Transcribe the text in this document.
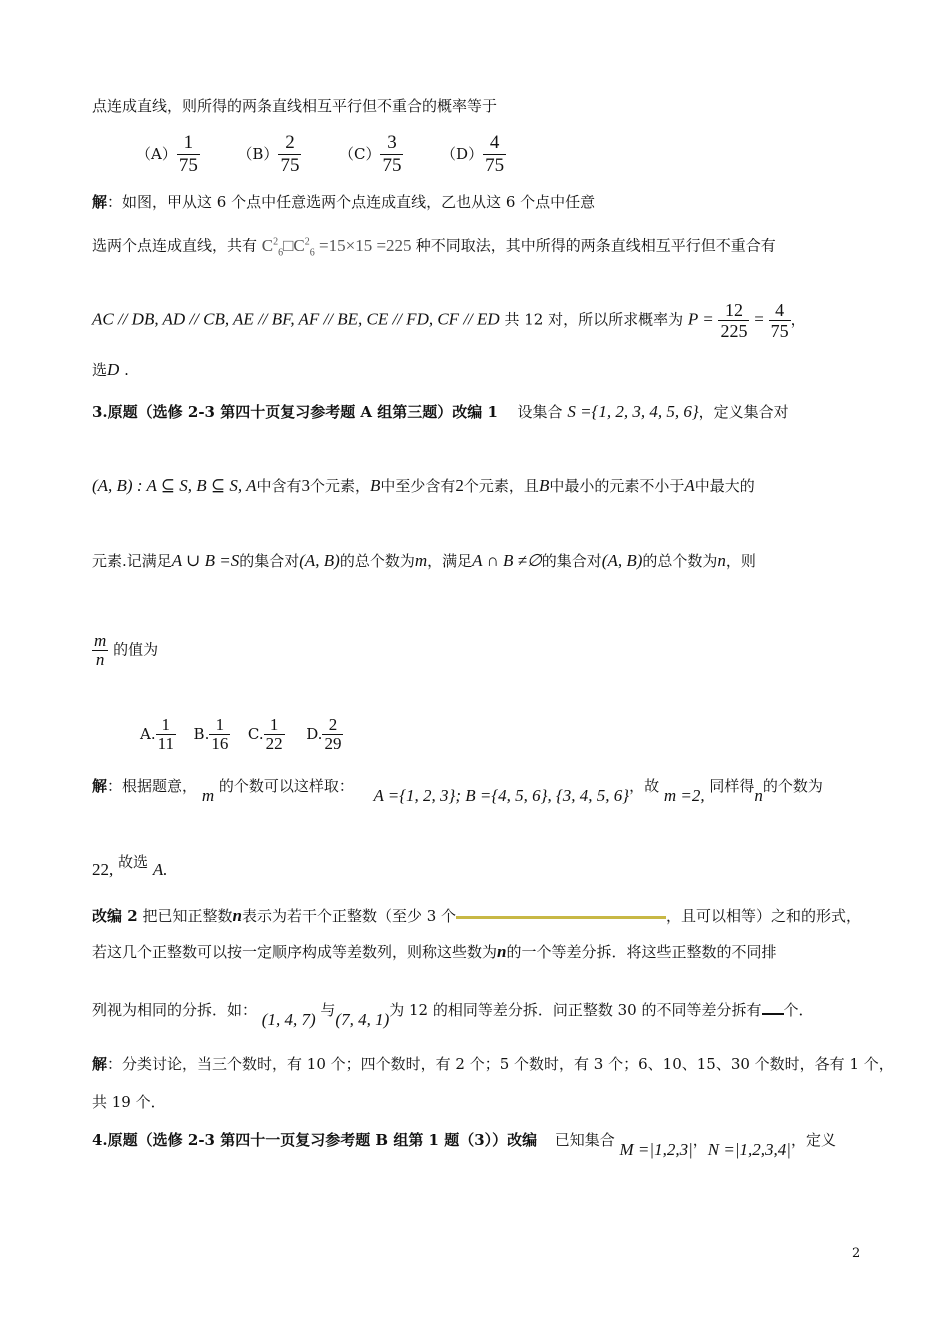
点连成直线，则所得的两条直线相互平行但不重合的概率等于
$(A) \frac{1}{75}$	$(B) \frac{2}{75}$	$(C) \frac{3}{75}$	$(D) \frac{4}{75}$
解：如图，甲从这 6 个点中任意选两个点连成直线，乙也从这 6 个点中任意
选两个点连成直线，共有 $C^2_6□C^2_6 =15\times 15 =225$ 种不同取法，其中所得的两条直线相互平行但不重合有
AC // DB, AD // CB, AE // BF, AF // BE, CE // FD, CF // ED 共 12 对，所以所求概率为 $P = \frac{12}{225} = \frac{4}{75}$ ，
选D .
3.原题（选修 2-3 第四十页复习参考题 A 组第三题）改编 1 设集合 S ={1, 2, 3, 4, 5, 6}，定义集合对
(A, B) : A ⊆ S, B ⊆ S, A中含有3个元素，B中至少含有2个元素，且B中最小的元素不小于A中最大的
元素.记满足A ∪ B =S的集合对(A, B)的总个数为m，满足A ∩ B ≠∅的集合对(A, B)的总个数为n，则
$\frac{m}{n}$ 的值为
A. $\frac{1}{11} B$. $\frac{1}{16} C$. $\frac{1}{22} D$. $\frac{2}{29}$
解：根据题意， m 的个数可以这样取： A ={1, 2, 3}; B ={4, 5, 6}, {3, 4, 5, 6}，故 m =2, 同样得n的个数为
22, 故选 A.
改编 2 把已知正整数n表示为若干个正整数（至少 3 个	，且可以相等）之和的形式，
若这几个正整数可以按一定顺序构成等差数列，则称这些数为n的一个等差分拆．将这些正整数的不同排
列视为相同的分拆．如： (1, 4, 7) 与(7, 4, 1)为 12 的相同等差分拆．问正整数 30 的不同等差分拆有 个．
解：分类讨论，当三个数时，有 10 个；四个数时，有 2 个；5 个数时，有 3 个；6、10、15、30 个数时，各有 1 个，
共 19 个．
4.原题（选修 2-3 第四十一页复习参考题 B 组第 1 题（3））改编 已知集合 M =|1,2,3|，N =|1,2,3,4|，定义
2
